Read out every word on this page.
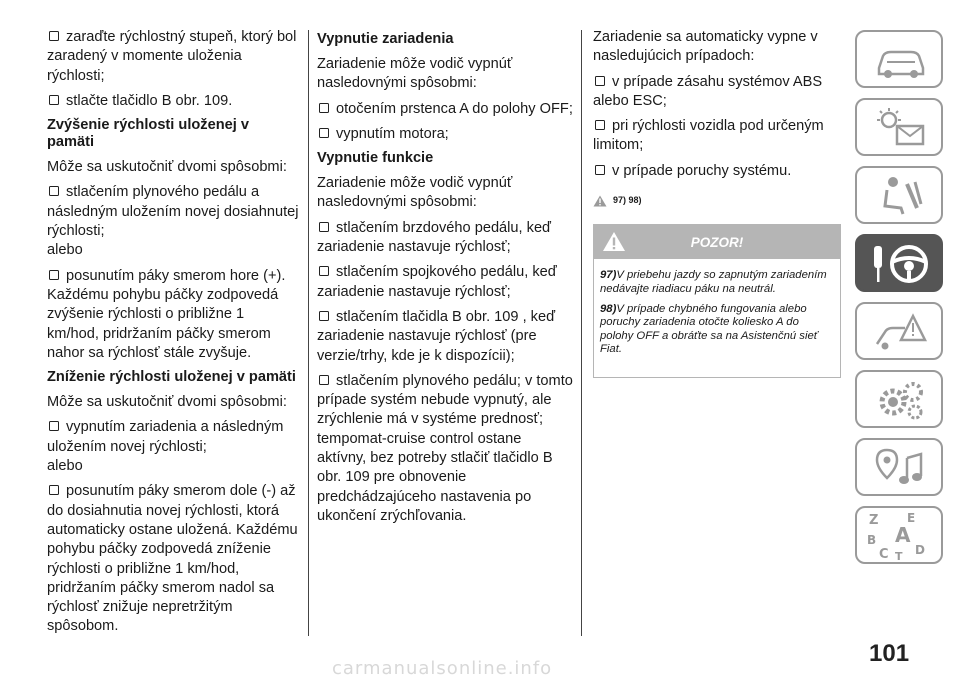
zaraďte rýchlostný stupeň, ktorý bol zaradený v momente uloženia rýchlosti;

stlačte tlačidlo B obr. 109.

Zvýšenie rýchlosti uloženej v pamäti

Môže sa uskutočniť dvomi spôsobmi:

stlačením plynového pedálu a následným uložením novej dosiahnutej rýchlosti;
alebo

posunutím páky smerom hore (+). Každému pohybu páčky zodpovedá zvýšenie rýchlosti o približne 1 km/hod, pridržaním páčky smerom nahor sa rýchlosť stále zvyšuje.

Zníženie rýchlosti uloženej v pamäti

Môže sa uskutočniť dvomi spôsobmi:

vypnutím zariadenia a následným uložením novej rýchlosti;
alebo

posunutím páky smerom dole (-) až do dosiahnutia novej rýchlosti, ktorá automaticky ostane uložená. Každému pohybu páčky zodpovedá zníženie rýchlosti o približne 1 km/hod, pridržaním páčky smerom nadol sa rýchlosť znižuje nepretržitým spôsobom.

Vypnutie zariadenia

Zariadenie môže vodič vypnúť nasledovnými spôsobmi:

otočením prstenca A do polohy OFF;

vypnutím motora;

Vypnutie funkcie

Zariadenie môže vodič vypnúť nasledovnými spôsobmi:

stlačením brzdového pedálu, keď zariadenie nastavuje rýchlosť;

stlačením spojkového pedálu, keď zariadenie nastavuje rýchlosť;

stlačením tlačidla B obr. 109 , keď zariadenie nastavuje rýchlosť (pre verzie/trhy, kde je k dispozícii);

stlačením plynového pedálu; v tomto prípade systém nebude vypnutý, ale zrýchlenie má v systéme prednosť; tempomat-cruise control ostane aktívny, bez potreby stlačiť tlačidlo B obr. 109 pre obnovenie predchádzajúceho nastavenia po ukončení zrýchľovania.

Zariadenie sa automaticky vypne v nasledujúcich prípadoch:

v prípade zásahu systémov ABS alebo ESC;

pri rýchlosti vozidla pod určeným limitom;

v prípade poruchy systému.

97) 98)
POZOR!

97)V priebehu jazdy so zapnutým zariadením nedávajte riadiacu páku na neutrál.

98)V prípade chybného fungovania alebo poruchy zariadenia otočte koliesko A do polohy OFF a obráťte sa na Asistenčnú sieť Fiat.

Z E
B A
C T D
101
carmanualsonline.info
